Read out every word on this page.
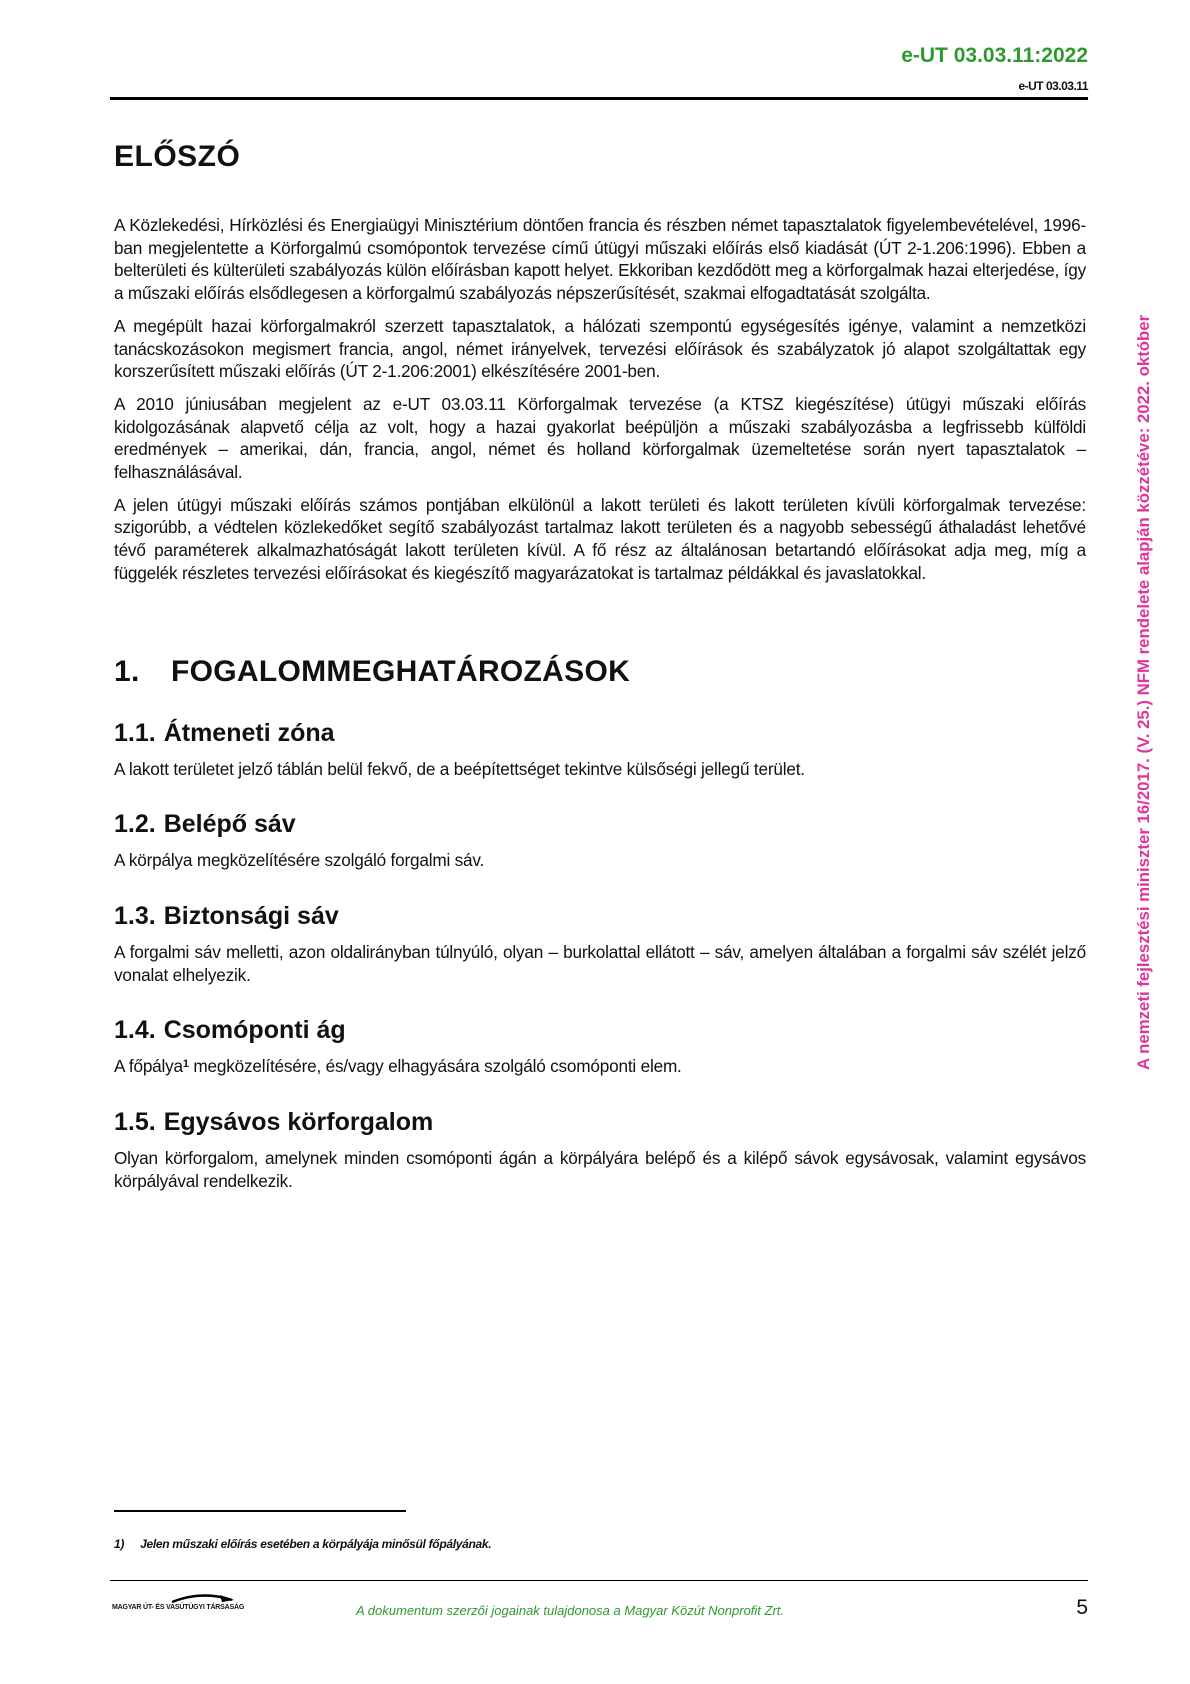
e-UT 03.03.11:2022
e-UT 03.03.11
A nemzeti fejlesztési miniszter 16/2017. (V. 25.) NFM rendelete alapján közzétéve: 2022. október
ELŐSZÓ

A Közlekedési, Hírközlési és Energiaügyi Minisztérium döntően francia és részben német tapasztalatok figyelembevételével, 1996-ban megjelentette a Körforgalmú csomópontok tervezése című útügyi műszaki előírás első kiadását (ÚT 2-1.206:1996). Ebben a belterületi és külterületi szabályozás külön előírásban kapott helyet. Ekkoriban kezdődött meg a körforgalmak hazai elterjedése, így a műszaki előírás elsődlegesen a körforgalmú szabályozás népszerűsítését, szakmai elfogadtatását szolgálta.

A megépült hazai körforgalmakról szerzett tapasztalatok, a hálózati szempontú egységesítés igénye, valamint a nemzetközi tanácskozásokon megismert francia, angol, német irányelvek, tervezési előírások és szabályzatok jó alapot szolgáltattak egy korszerűsített műszaki előírás (ÚT 2-1.206:2001) elkészítésére 2001-ben.

A 2010 júniusában megjelent az e-UT 03.03.11 Körforgalmak tervezése (a KTSZ kiegészítése) útügyi műszaki előírás kidolgozásának alapvető célja az volt, hogy a hazai gyakorlat beépüljön a műszaki szabályozásba a legfrissebb külföldi eredmények – amerikai, dán, francia, angol, német és holland körforgalmak üzemeltetése során nyert tapasztalatok – felhasználásával.

A jelen útügyi műszaki előírás számos pontjában elkülönül a lakott területi és lakott területen kívüli körforgalmak tervezése: szigorúbb, a védtelen közlekedőket segítő szabályozást tartalmaz lakott területen és a nagyobb sebességű áthaladást lehetővé tévő paraméterek alkalmazhatóságát lakott területen kívül. A fő rész az általánosan betartandó előírásokat adja meg, míg a függelék részletes tervezési előírásokat és kiegészítő magyarázatokat is tartalmaz példákkal és javaslatokkal.

1. FOGALOMMEGHATÁROZÁSOK
1.1. Átmeneti zóna

A lakott területet jelző táblán belül fekvő, de a beépítettséget tekintve külsőségi jellegű terület.

1.2. Belépő sáv

A körpálya megközelítésére szolgáló forgalmi sáv.

1.3. Biztonsági sáv

A forgalmi sáv melletti, azon oldalirányban túlnyúló, olyan – burkolattal ellátott – sáv, amelyen általában a forgalmi sáv szélét jelző vonalat elhelyezik.

1.4. Csomóponti ág

A főpálya$^1$ megközelítésére, és/vagy elhagyására szolgáló csomóponti elem.

1.5. Egysávos körforgalom

Olyan körforgalom, amelynek minden csomóponti ágán a körpályára belépő és a kilépő sávok egysávosak, valamint egysávos körpályával rendelkezik.

1) Jelen műszaki előírás esetében a körpályája minősül főpályának.
MAGYAR ÚT- ÉS VASÚTÜGYI TÁRSASÁG	A dokumentum szerzői jogainak tulajdonosa a Magyar Közút Nonprofit Zrt.	5
